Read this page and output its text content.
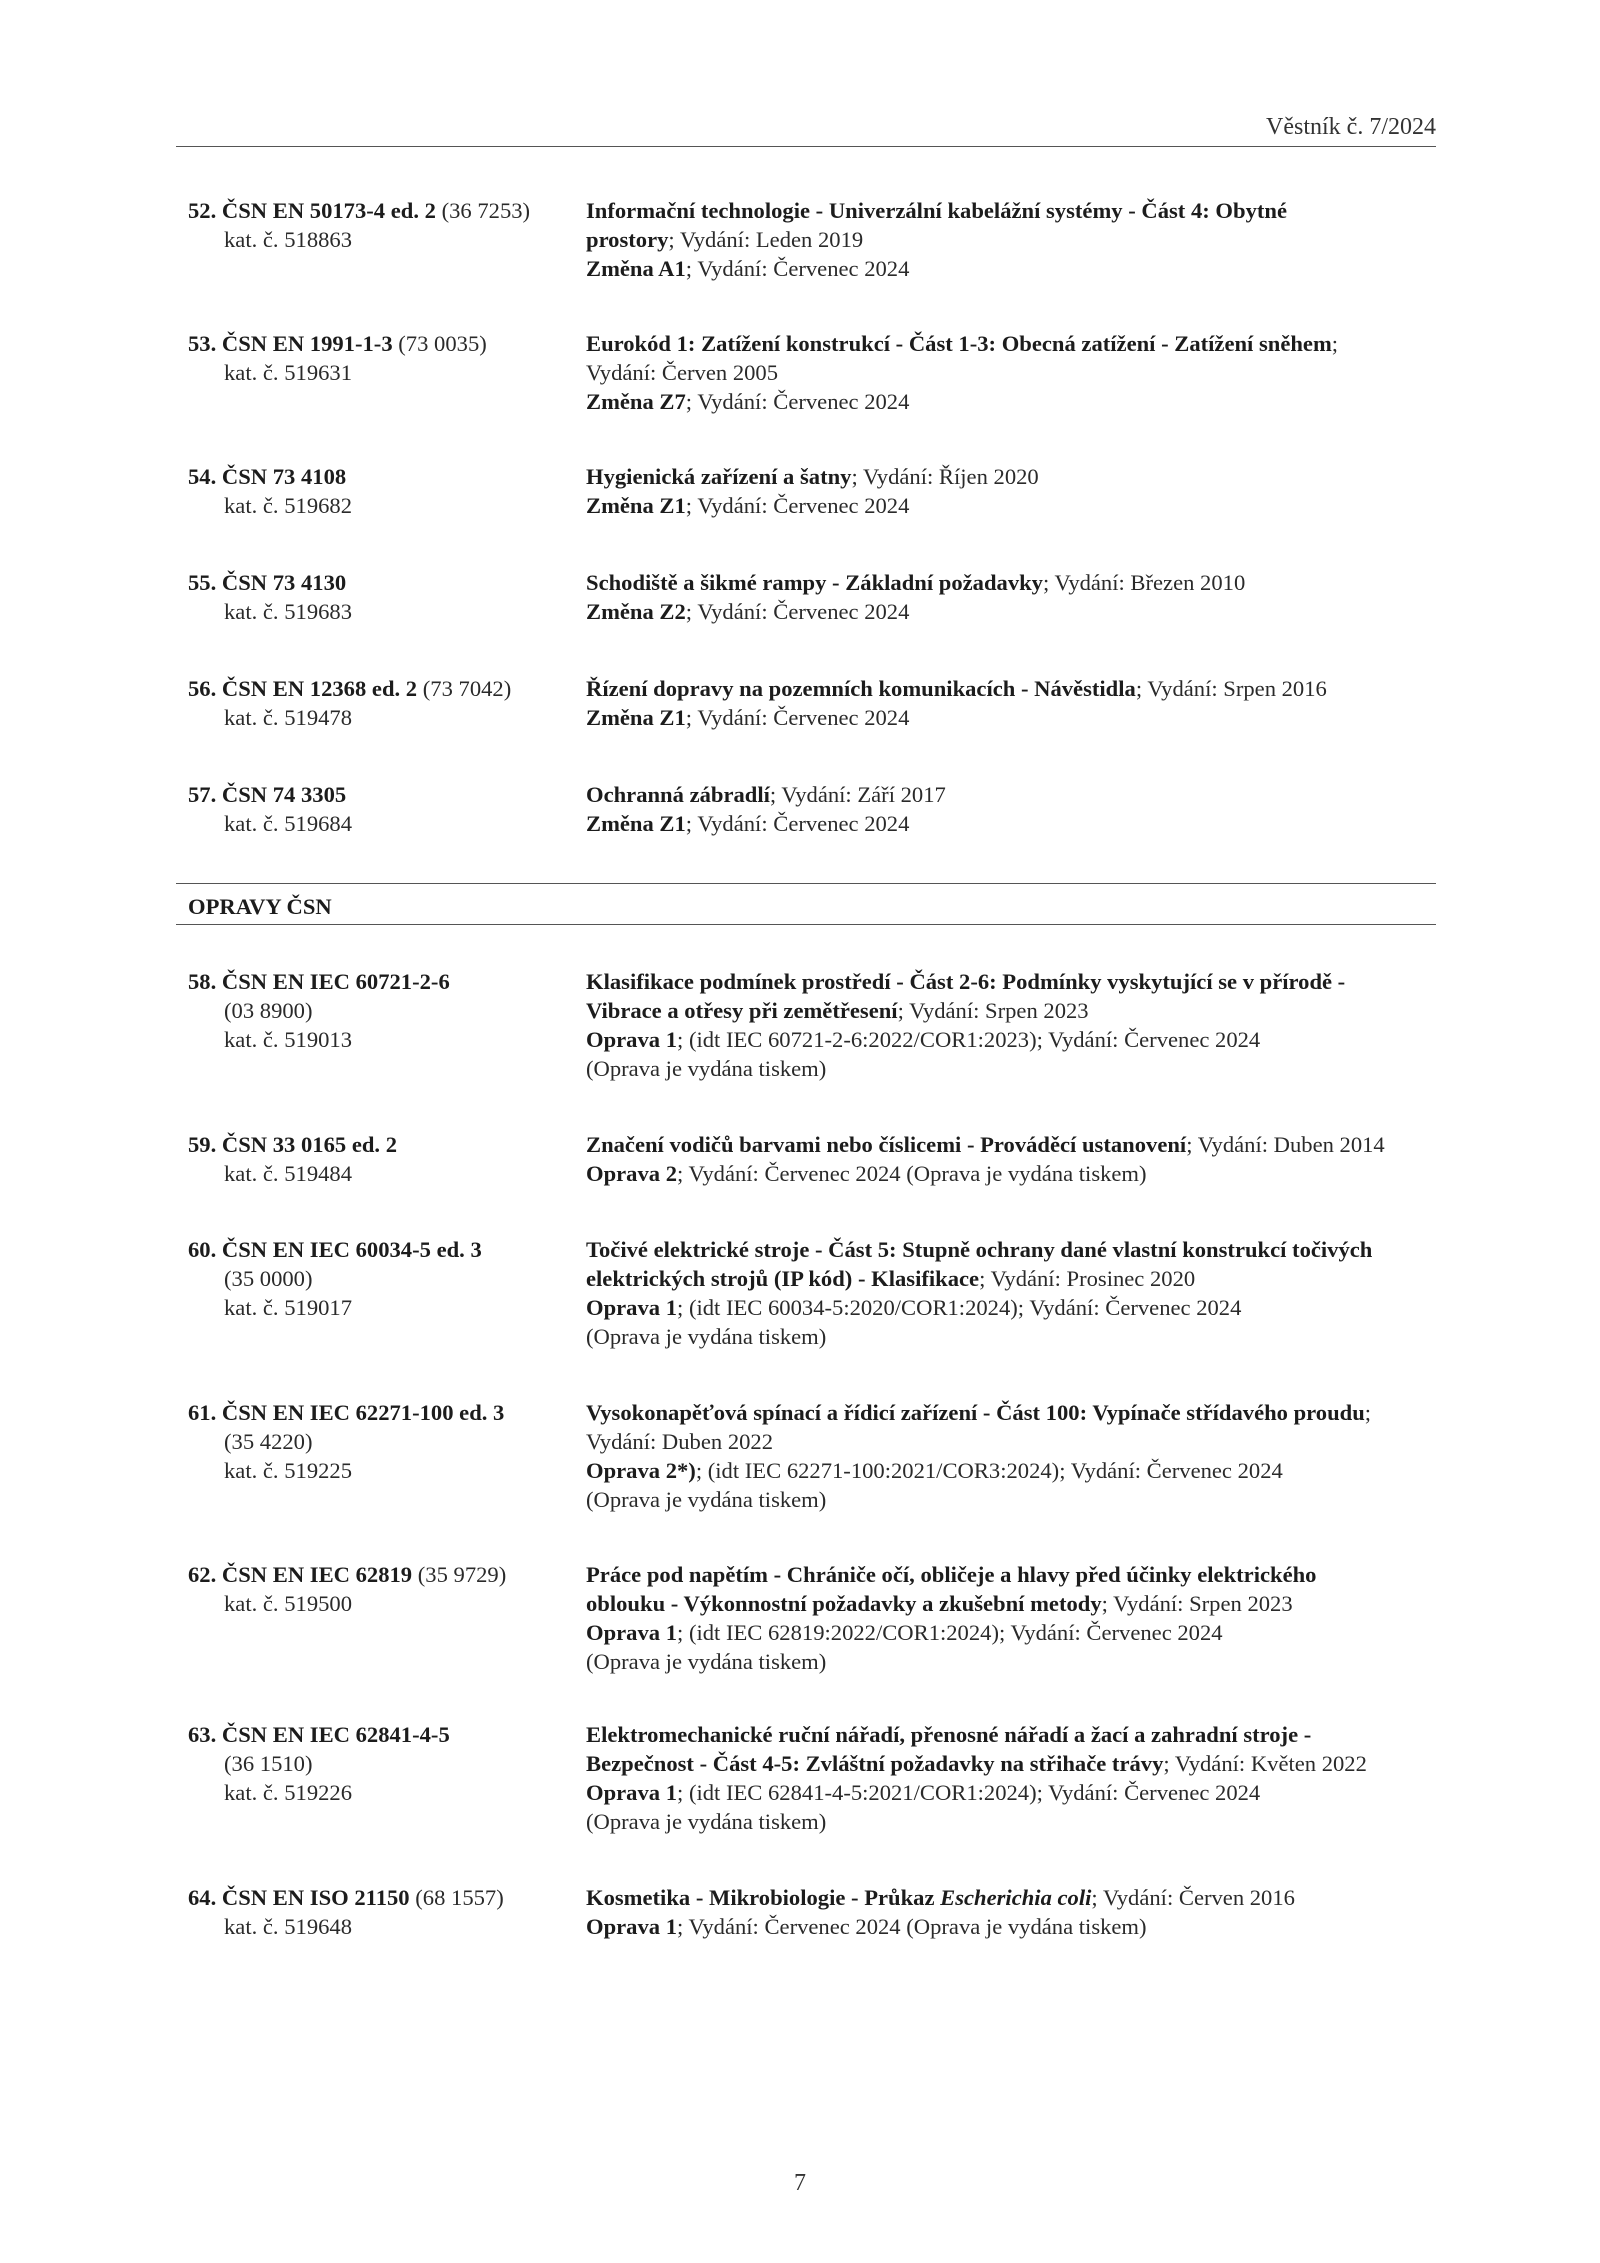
Věstník č. 7/2024
52. ČSN EN 50173-4 ed. 2 (36 7253)
kat. č. 518863
Informační technologie - Univerzální kabelážní systémy - Část 4: Obytné
prostory; Vydání: Leden 2019
Změna A1; Vydání: Červenec 2024
53. ČSN EN 1991-1-3 (73 0035)
kat. č. 519631
Eurokód 1: Zatížení konstrukcí - Část 1-3: Obecná zatížení - Zatížení sněhem;
Vydání: Červen 2005
Změna Z7; Vydání: Červenec 2024
54. ČSN 73 4108
kat. č. 519682
Hygienická zařízení a šatny; Vydání: Říjen 2020
Změna Z1; Vydání: Červenec 2024
55. ČSN 73 4130
kat. č. 519683
Schodiště a šikmé rampy - Základní požadavky; Vydání: Březen 2010
Změna Z2; Vydání: Červenec 2024
56. ČSN EN 12368 ed. 2 (73 7042)
kat. č. 519478
Řízení dopravy na pozemních komunikacích - Návěstidla; Vydání: Srpen 2016
Změna Z1; Vydání: Červenec 2024
57. ČSN 74 3305
kat. č. 519684
Ochranná zábradlí; Vydání: Září 2017
Změna Z1; Vydání: Červenec 2024
OPRAVY ČSN
58. ČSN EN IEC 60721-2-6
(03 8900)
kat. č. 519013
Klasifikace podmínek prostředí - Část 2-6: Podmínky vyskytující se v přírodě -
Vibrace a otřesy při zemětřesení; Vydání: Srpen 2023
Oprava 1; (idt IEC 60721-2-6:2022/COR1:2023); Vydání: Červenec 2024
(Oprava je vydána tiskem)
59. ČSN 33 0165 ed. 2
kat. č. 519484
Značení vodičů barvami nebo číslicemi - Prováděcí ustanovení; Vydání: Duben 2014
Oprava 2; Vydání: Červenec 2024 (Oprava je vydána tiskem)
60. ČSN EN IEC 60034-5 ed. 3
(35 0000)
kat. č. 519017
Točivé elektrické stroje - Část 5: Stupně ochrany dané vlastní konstrukcí točivých
elektrických strojů (IP kód) - Klasifikace; Vydání: Prosinec 2020
Oprava 1; (idt IEC 60034-5:2020/COR1:2024); Vydání: Červenec 2024
(Oprava je vydána tiskem)
61. ČSN EN IEC 62271-100 ed. 3
(35 4220)
kat. č. 519225
Vysokonapěťová spínací a řídicí zařízení - Část 100: Vypínače střídavého proudu;
Vydání: Duben 2022
Oprava 2*); (idt IEC 62271-100:2021/COR3:2024); Vydání: Červenec 2024
(Oprava je vydána tiskem)
62. ČSN EN IEC 62819 (35 9729)
kat. č. 519500
Práce pod napětím - Chrániče očí, obličeje a hlavy před účinky elektrického
oblouku - Výkonnostní požadavky a zkušební metody; Vydání: Srpen 2023
Oprava 1; (idt IEC 62819:2022/COR1:2024); Vydání: Červenec 2024
(Oprava je vydána tiskem)
63. ČSN EN IEC 62841-4-5
(36 1510)
kat. č. 519226
Elektromechanické ruční nářadí, přenosné nářadí a žací a zahradní stroje -
Bezpečnost - Část 4-5: Zvláštní požadavky na střihače trávy; Vydání: Květen 2022
Oprava 1; (idt IEC 62841-4-5:2021/COR1:2024); Vydání: Červenec 2024
(Oprava je vydána tiskem)
64. ČSN EN ISO 21150 (68 1557)
kat. č. 519648
Kosmetika - Mikrobiologie - Průkaz Escherichia coli; Vydání: Červen 2016
Oprava 1; Vydání: Červenec 2024 (Oprava je vydána tiskem)
7
